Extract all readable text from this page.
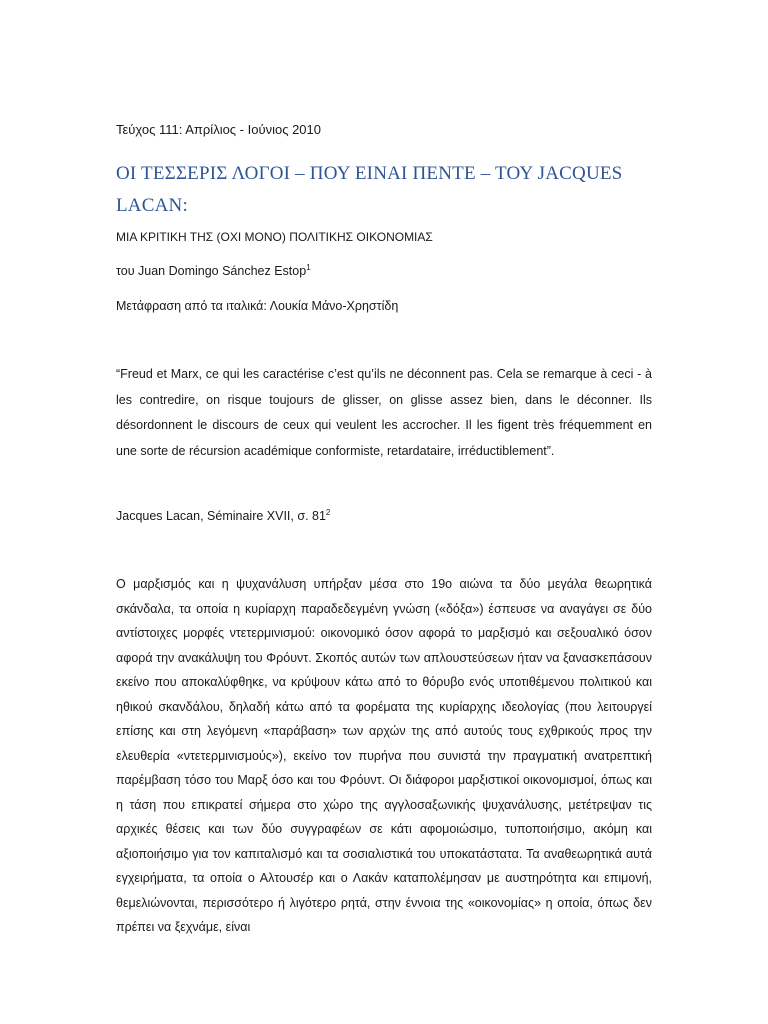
Τεύχος 111: Απρίλιος - Ιούνιος 2010
ΟΙ ΤΕΣΣΕΡΙΣ ΛΟΓΟΙ – ΠΟΥ ΕΙΝΑΙ ΠΕΝΤΕ – ΤΟΥ JACQUES LACAN:
ΜΙΑ ΚΡΙΤΙΚΗ ΤΗΣ (ΟΧΙ ΜΟΝΟ) ΠΟΛΙΤΙΚΗΣ ΟΙΚΟΝΟΜΙΑΣ
του Juan Domingo Sánchez Estop$^1$
Μετάφραση από τα ιταλικά: Λουκία Μάνο-Χρηστίδη
“Freud et Marx, ce qui les caractérise c’est qu’ils ne déconnent pas. Cela se remarque à ceci - à les contredire, on risque toujours de glisser, on glisse assez bien, dans le déconner. Ils désordonnent le discours de ceux qui veulent les accrocher. Il les figent très fréquemment en une sorte de récursion académique conformiste, retardataire, irréductiblement”.
Jacques Lacan, Séminaire XVII, σ. $81^2$
Ο μαρξισμός και η ψυχανάλυση υπήρξαν μέσα στο 19ο αιώνα τα δύο μεγάλα θεωρητικά σκάνδαλα, τα οποία η κυρίαρχη παραδεδεγμένη γνώση («δόξα») έσπευσε να αναγάγει σε δύο αντίστοιχες μορφές ντετερμινισμού: οικονομικό όσον αφορά το μαρξισμό και σεξουαλικό όσον αφορά την ανακάλυψη του Φρόυντ. Σκοπός αυτών των απλουστεύσεων ήταν να ξανασκεπάσουν εκείνο που αποκαλύφθηκε, να κρύψουν κάτω από το θόρυβο ενός υποτιθέμενου πολιτικού και ηθικού σκανδάλου, δηλαδή κάτω από τα φορέματα της κυρίαρχης ιδεολογίας (που λειτουργεί επίσης και στη λεγόμενη «παράβαση» των αρχών της από αυτούς τους εχθρικούς προς την ελευθερία «ντετερμινισμούς»), εκείνο τον πυρήνα που συνιστά την πραγματική ανατρεπτική παρέμβαση τόσο του Μαρξ όσο και του Φρόυντ. Οι διάφοροι μαρξιστικοί οικονομισμοί, όπως και η τάση που επικρατεί σήμερα στο χώρο της αγγλοσαξωνικής ψυχανάλυσης, μετέτρεψαν τις αρχικές θέσεις και των δύο συγγραφέων σε κάτι αφομοιώσιμο, τυποποιήσιμο, ακόμη και αξιοποιήσιμο για τον καπιταλισμό και τα σοσιαλιστικά του υποκατάστατα. Τα αναθεωρητικά αυτά εγχειρήματα, τα οποία ο Αλτουσέρ και ο Λακάν καταπολέμησαν με αυστηρότητα και επιμονή, θεμελιώνονται, περισσότερο ή λιγότερο ρητά, στην έννοια της «οικονομίας» η οποία, όπως δεν πρέπει να ξεχνάμε, είναι
